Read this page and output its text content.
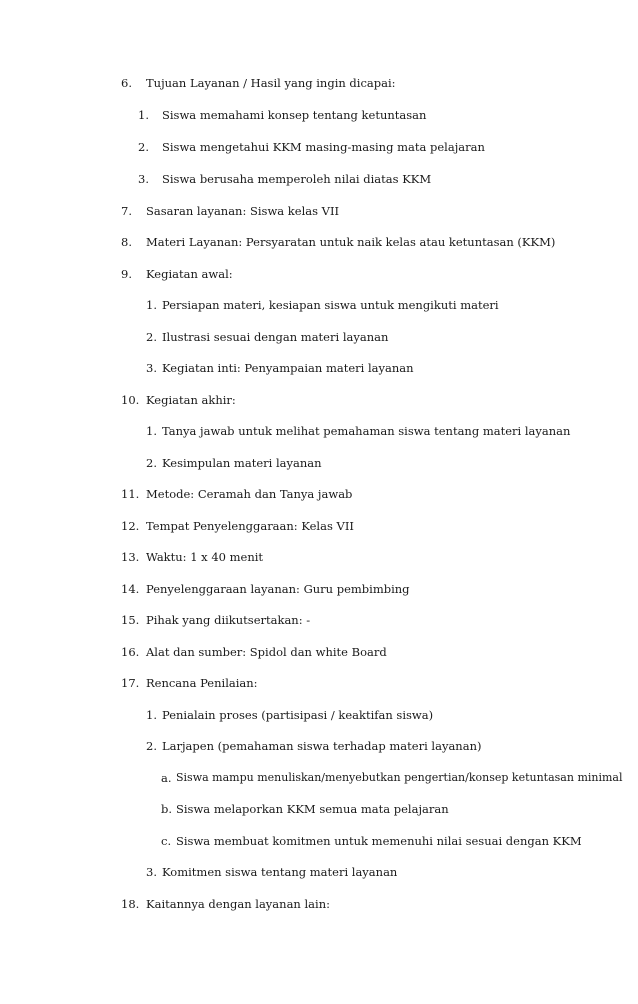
6. Tujuan Layanan / Hasil yang ingin dicapai:
1. Siswa memahami konsep tentang ketuntasan
2. Siswa mengetahui KKM masing-masing mata pelajaran
3. Siswa berusaha memperoleh nilai diatas KKM
7. Sasaran layanan: Siswa kelas VII
8. Materi Layanan: Persyaratan untuk naik kelas atau ketuntasan (KKM)
9. Kegiatan awal:
1. Persiapan materi, kesiapan siswa untuk mengikuti materi
2. Ilustrasi sesuai dengan materi layanan
3. Kegiatan inti: Penyampaian materi layanan
10. Kegiatan akhir:
1. Tanya jawab untuk melihat pemahaman siswa tentang materi layanan
2. Kesimpulan materi layanan
11. Metode: Ceramah dan Tanya jawab
12. Tempat Penyelenggaraan: Kelas VII
13. Waktu: 1 x 40 menit
14. Penyelenggaraan layanan: Guru pembimbing
15. Pihak yang diikutsertakan: -
16. Alat dan sumber: Spidol dan white Board
17. Rencana Penilaian:
1. Penialain proses (partisipasi / keaktifan siswa)
2. Larjapen (pemahaman siswa terhadap materi layanan)
a. Siswa mampu menuliskan/menyebutkan pengertian/konsep ketuntasan minimal
b. Siswa melaporkan KKM semua mata pelajaran
c. Siswa membuat komitmen untuk memenuhi nilai sesuai dengan KKM
3. Komitmen siswa tentang materi layanan
18. Kaitannya dengan layanan lain:
